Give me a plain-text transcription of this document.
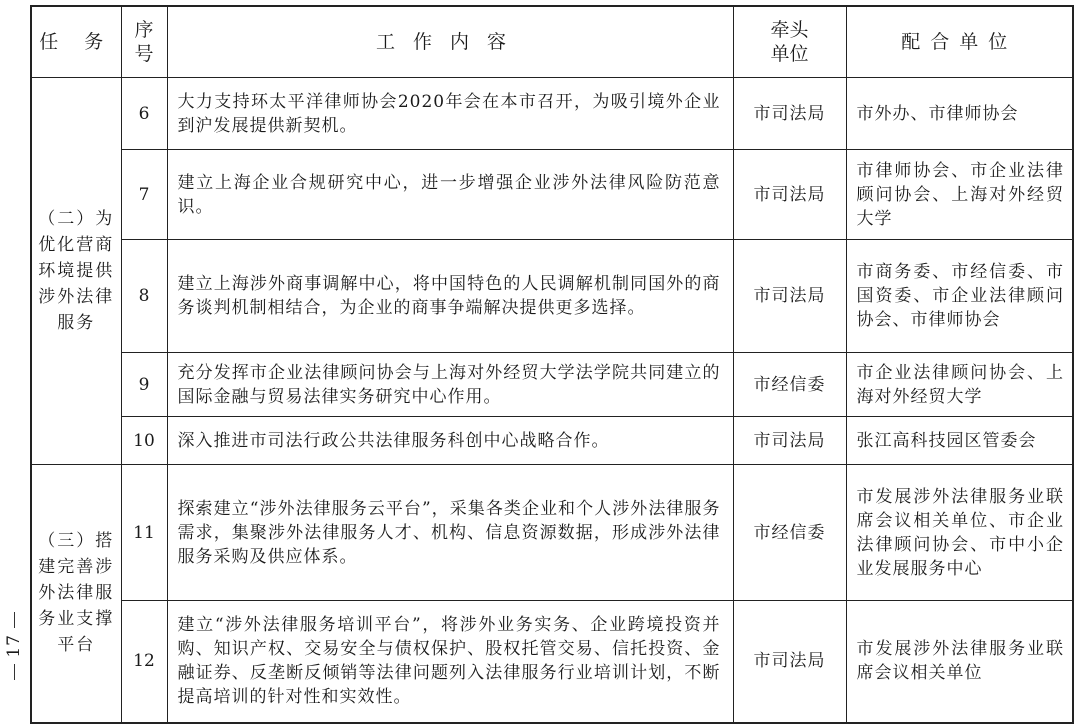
17
任 务	序号	工作内容	牵头单位	配合单位
（二）为优化营商环境提供涉外法律服务	6	大力支持环太平洋律师协会2020年会在本市召开，为吸引境外企业到沪发展提供新契机。	市司法局	市外办、市律师协会
	7	建立上海企业合规研究中心，进一步增强企业涉外法律风险防范意识。	市司法局	市律师协会、市企业法律顾问协会、上海对外经贸大学
	8	建立上海涉外商事调解中心，将中国特色的人民调解机制同国外的商务谈判机制相结合，为企业的商事争端解决提供更多选择。	市司法局	市商务委、市经信委、市国资委、市企业法律顾问协会、市律师协会
	9	充分发挥市企业法律顾问协会与上海对外经贸大学法学院共同建立的国际金融与贸易法律实务研究中心作用。	市经信委	市企业法律顾问协会、上海对外经贸大学
	10	深入推进市司法行政公共法律服务科创中心战略合作。	市司法局	张江高科技园区管委会
（三）搭建完善涉外法律服务业支撑平台	11	探索建立“涉外法律服务云平台”，采集各类企业和个人涉外法律服务需求，集聚涉外法律服务人才、机构、信息资源数据，形成涉外法律服务采购及供应体系。	市经信委	市发展涉外法律服务业联席会议相关单位、市企业法律顾问协会、市中小企业发展服务中心
	12	建立“涉外法律服务培训平台”，将涉外业务实务、企业跨境投资并购、知识产权、交易安全与债权保护、股权托管交易、信托投资、金融证券、反垄断反倾销等法律问题列入法律服务行业培训计划，不断提高培训的针对性和实效性。	市司法局	市发展涉外法律服务业联席会议相关单位
